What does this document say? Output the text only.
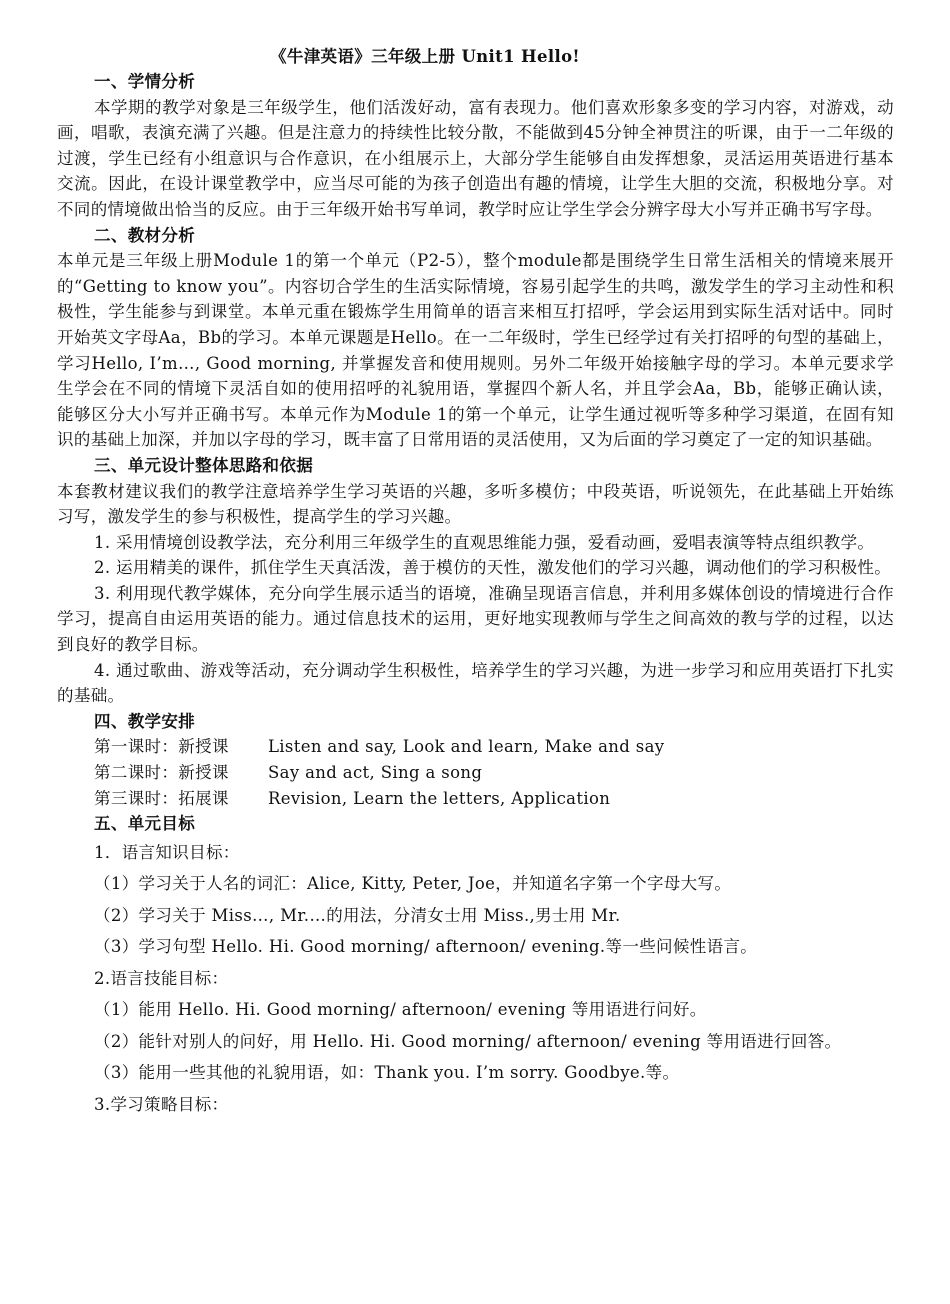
《牛津英语》三年级上册 Unit1 Hello!
一、学情分析

本学期的教学对象是三年级学生，他们活泼好动，富有表现力。他们喜欢形象多变的学习内容，对游戏，动画，唱歌，表演充满了兴趣。但是注意力的持续性比较分散，不能做到45分钟全神贯注的听课，由于一二年级的过渡，学生已经有小组意识与合作意识，在小组展示上，大部分学生能够自由发挥想象，灵活运用英语进行基本交流。因此，在设计课堂教学中，应当尽可能的为孩子创造出有趣的情境，让学生大胆的交流，积极地分享。对不同的情境做出恰当的反应。由于三年级开始书写单词，教学时应让学生学会分辨字母大小写并正确书写字母。

二、教材分析

本单元是三年级上册Module 1的第一个单元（P2-5），整个module都是围绕学生日常生活相关的情境来展开的“Getting to know you”。内容切合学生的生活实际情境，容易引起学生的共鸣，激发学生的学习主动性和积极性，学生能参与到课堂。本单元重在锻炼学生用简单的语言来相互打招呼，学会运用到实际生活对话中。同时开始英文字母Aa，Bb的学习。本单元课题是Hello。在一二年级时，学生已经学过有关打招呼的句型的基础上，学习Hello, I’m…, Good morning, 并掌握发音和使用规则。另外二年级开始接触字母的学习。本单元要求学生学会在不同的情境下灵活自如的使用招呼的礼貌用语，掌握四个新人名，并且学会Aa，Bb，能够正确认读，能够区分大小写并正确书写。本单元作为Module 1的第一个单元，让学生通过视听等多种学习渠道，在固有知识的基础上加深，并加以字母的学习，既丰富了日常用语的灵活使用，又为后面的学习奠定了一定的知识基础。

三、单元设计整体思路和依据

本套教材建议我们的教学注意培养学生学习英语的兴趣，多听多模仿；中段英语，听说领先，在此基础上开始练习写，激发学生的参与积极性，提高学生的学习兴趣。

1. 采用情境创设教学法，充分利用三年级学生的直观思维能力强，爱看动画，爱唱表演等特点组织教学。

2. 运用精美的课件，抓住学生天真活泼，善于模仿的天性，激发他们的学习兴趣，调动他们的学习积极性。

3. 利用现代教学媒体，充分向学生展示适当的语境，准确呈现语言信息，并利用多媒体创设的情境进行合作学习，提高自由运用英语的能力。通过信息技术的运用，更好地实现教师与学生之间高效的教与学的过程，以达到良好的教学目标。

4. 通过歌曲、游戏等活动，充分调动学生积极性，培养学生的学习兴趣，为进一步学习和应用英语打下扎实的基础。

四、教学安排
第一课时：新授课 Listen and say, Look and learn, Make and say
第二课时：新授课 Say and act, Sing a song
第三课时：拓展课 Revision, Learn the letters, Application
五、单元目标
1．语言知识目标：
（1）学习关于人名的词汇：Alice, Kitty, Peter, Joe，并知道名字第一个字母大写。
（2）学习关于 Miss…, Mr.…的用法，分清女士用 Miss.,男士用 Mr.
（3）学习句型 Hello. Hi. Good morning/ afternoon/ evening.等一些问候性语言。
2.语言技能目标：
（1）能用 Hello. Hi. Good morning/ afternoon/ evening 等用语进行问好。
（2）能针对别人的问好，用 Hello. Hi. Good morning/ afternoon/ evening 等用语进行回答。
（3）能用一些其他的礼貌用语，如：Thank you. I’m sorry. Goodbye.等。
3.学习策略目标：
